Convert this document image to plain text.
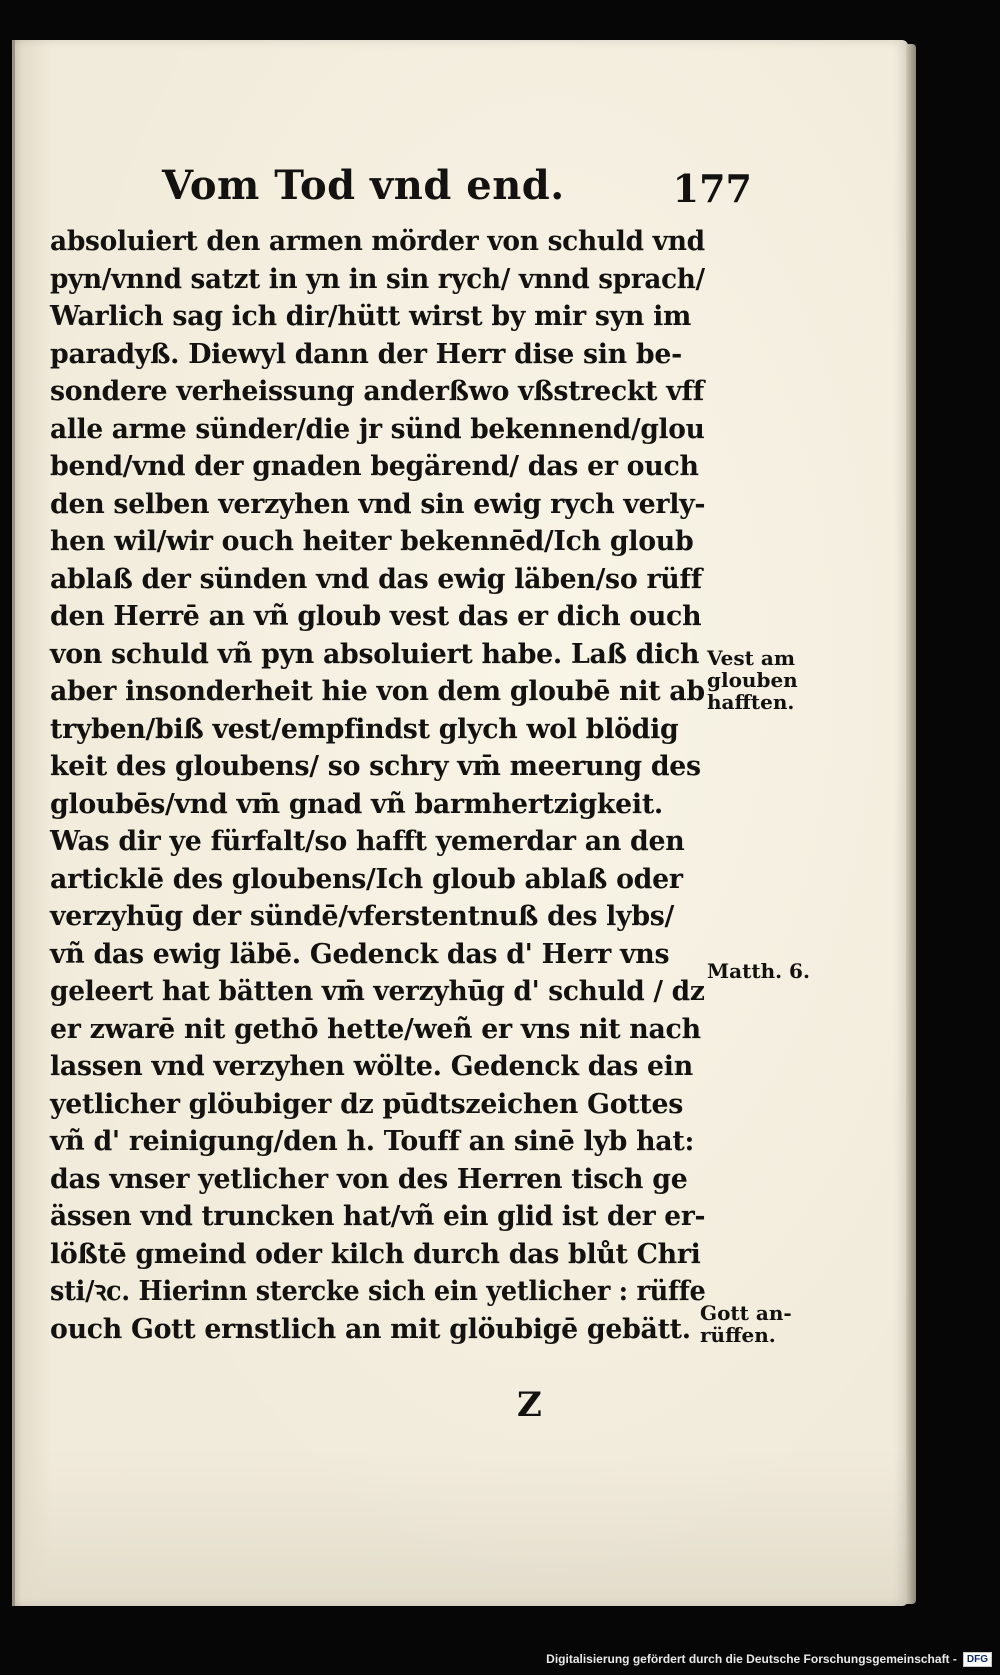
Vom Tod vnd end.	177
absoluiert den armen mörder von schuld vnd
pyn/vnnd satzt in yn in sin rych/ vnnd sprach/
Warlich sag ich dir/hütt wirst by mir syn im
paradyß. Diewyl dann der Herr dise sin be-
sondere verheissung anderßwo vßstreckt vff
alle arme sünder/die jr sünd bekennend/glou
bend/vnd der gnaden begärend/ das er ouch
den selben verzyhen vnd sin ewig rych verly-
hen wil/wir ouch heiter bekennēd/Ich gloub
ablaß der sünden vnd das ewig läben/so rüff
den Herrē an vñ gloub vest das er dich ouch
von schuld vñ pyn absoluiert habe. Laß dich
aber insonderheit hie von dem gloubē nit ab
tryben/biß vest/empfindst glych wol blödig
keit des gloubens/ so schry vm̄ meerung des
gloubēs/vnd vm̄ gnad vñ barmhertzigkeit.
Was dir ye fürfalt/so hafft yemerdar an den
articklē des gloubens/Ich gloub ablaß oder
verzyhūg der sündē/vferstentnuß des lybs/
vñ das ewig läbē. Gedenck das d' Herr vns
geleert hat bätten vm̄ verzyhūg d' schuld / dz
er zwarē nit gethō hette/weñ er vns nit nach
lassen vnd verzyhen wölte. Gedenck das ein
yetlicher glöubiger dz pūdtszeichen Gottes
vñ d' reinigung/den h. Touff an sinē lyb hat:
das vnser yetlicher von des Herren tisch ge
ässen vnd truncken hat/vñ ein glid ist der er-
lößtē gmeind oder kilch durch das blůt Chri
sti/ꝛc. Hierinn stercke sich ein yetlicher : rüffe
ouch Gott ernstlich an mit glöubigē gebätt.
Z
Vest am
glouben
hafften.
Matth. 6.
Gott an-
rüffen.
Digitalisierung gefördert durch die Deutsche Forschungsgemeinschaft -	DFG
